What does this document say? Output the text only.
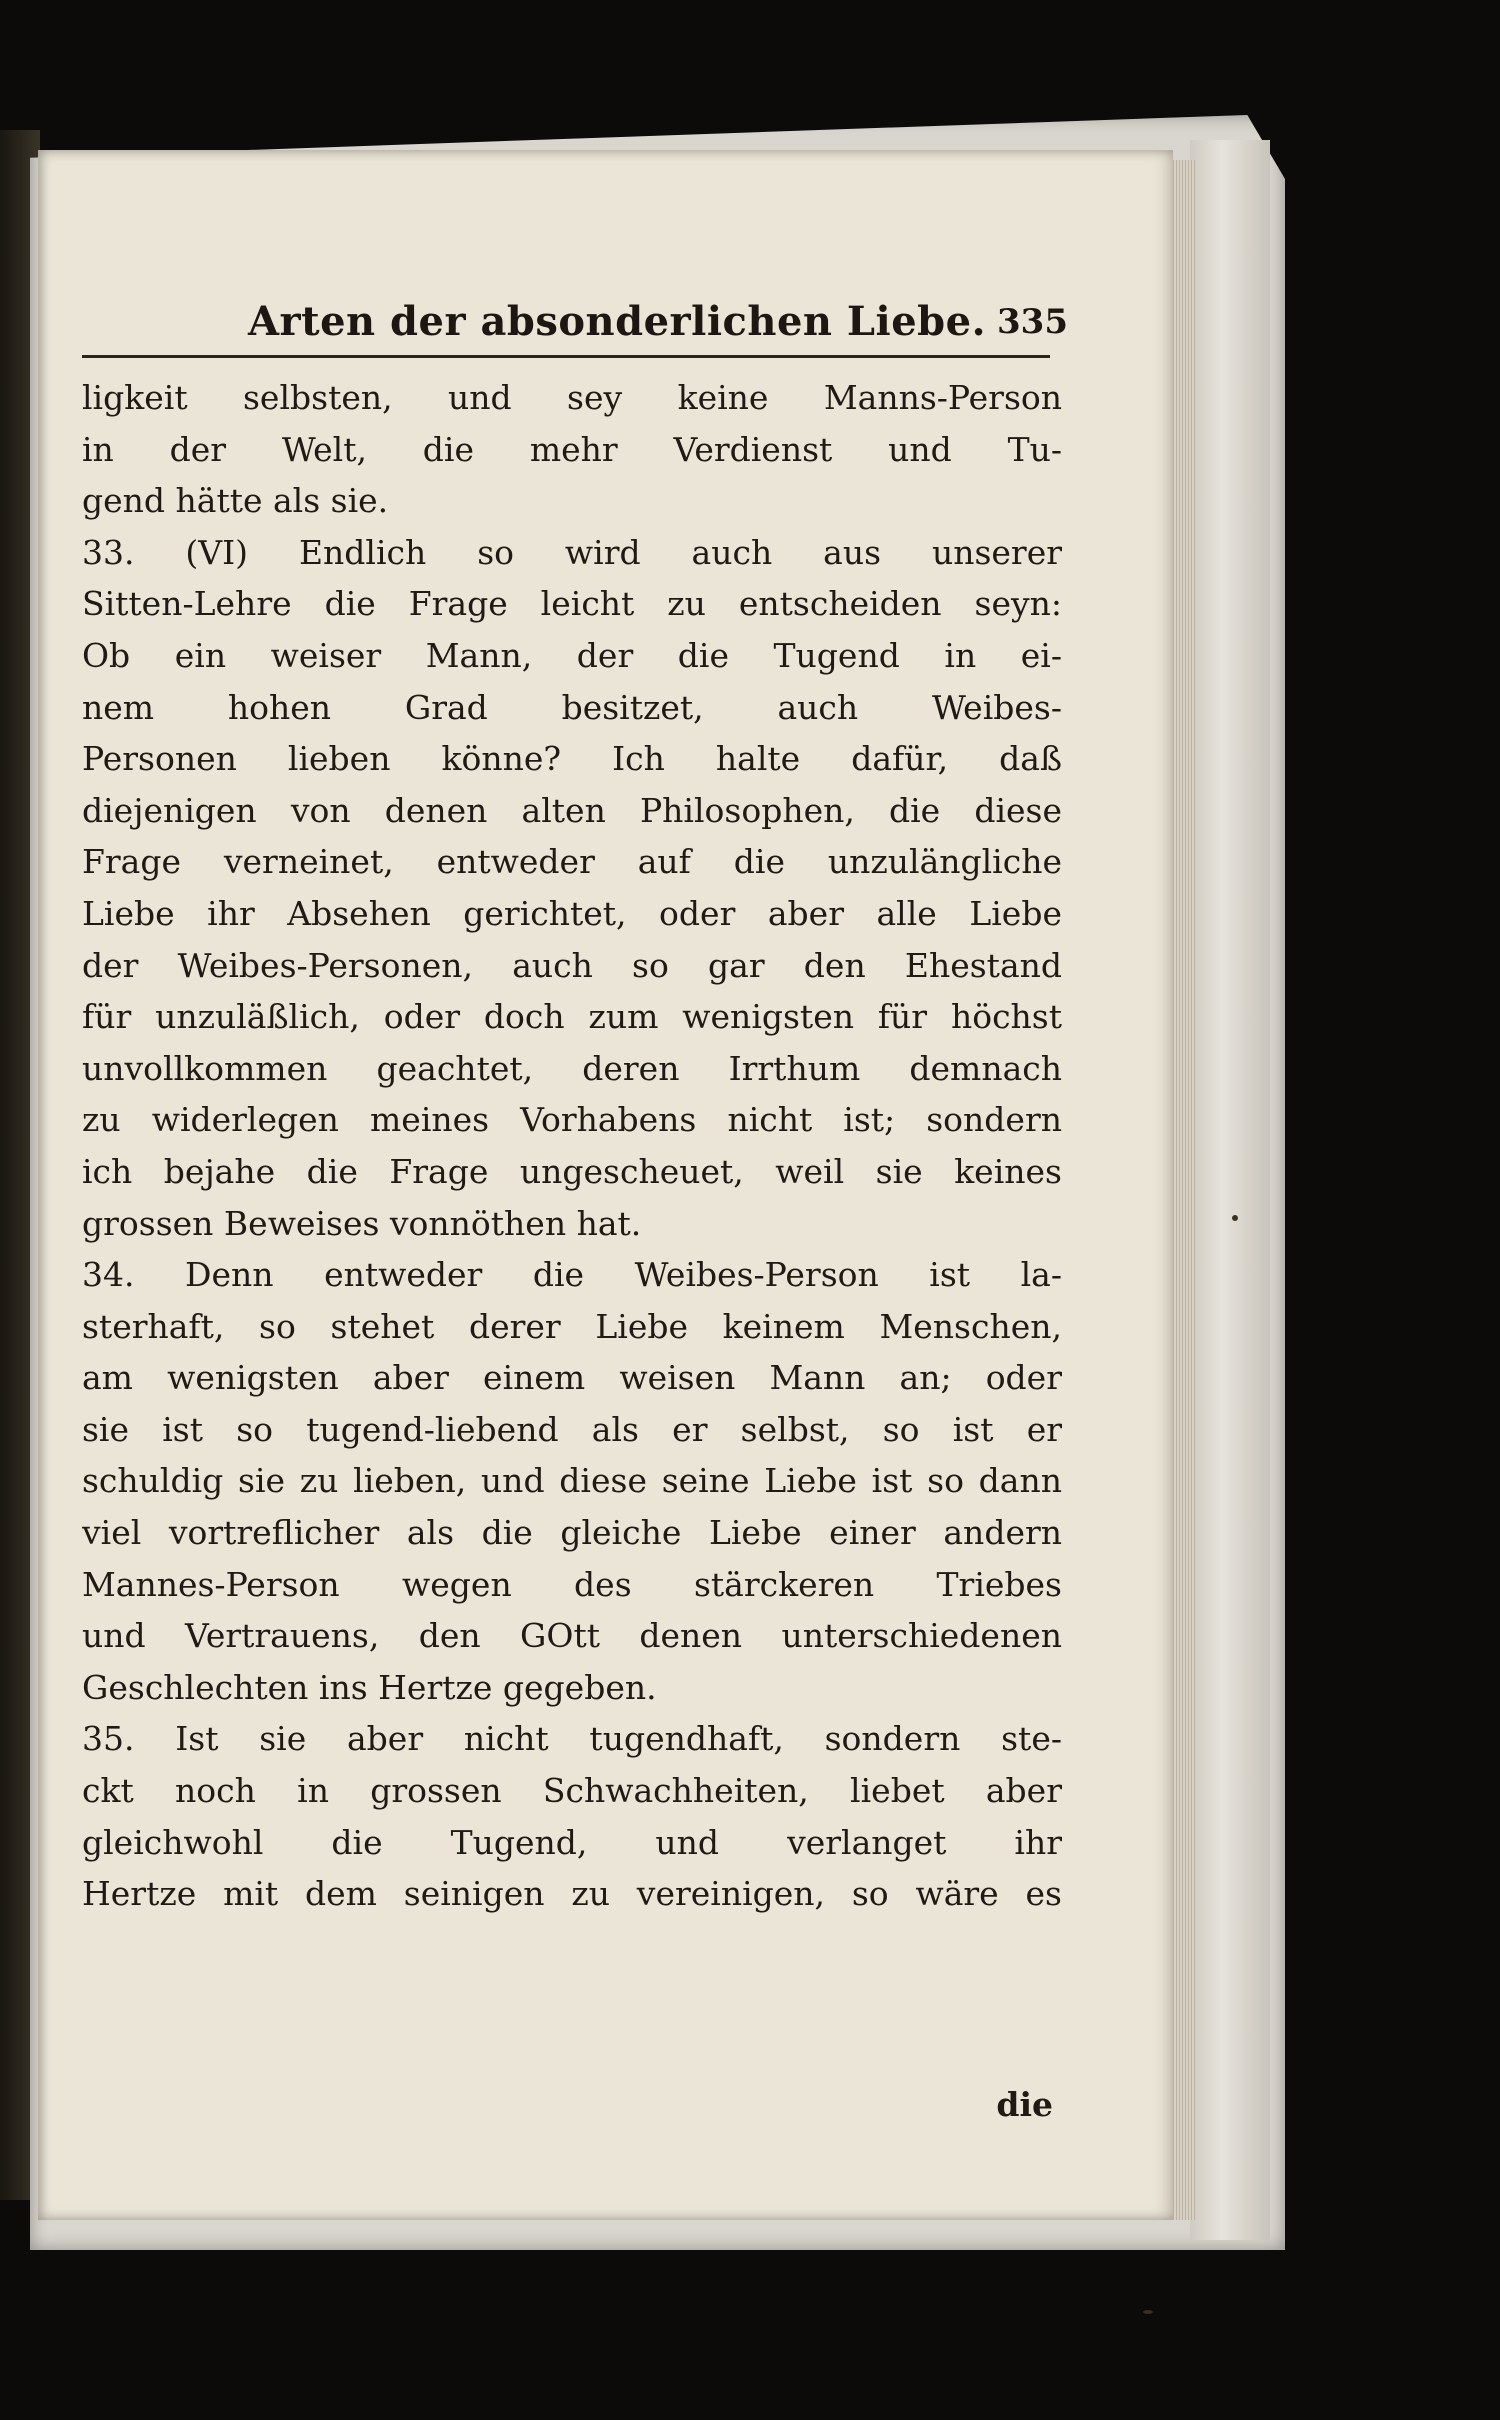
Arten der absonderlichen Liebe. 335
ligkeit selbsten, und sey keine Manns-Person
in der Welt, die mehr Verdienst und Tu-
gend hätte als sie.
33. (VI) Endlich so wird auch aus unserer
Sitten-Lehre die Frage leicht zu entscheiden seyn:
Ob ein weiser Mann, der die Tugend in ei-
nem hohen Grad besitzet, auch Weibes-
Personen lieben könne? Ich halte dafür, daß
diejenigen von denen alten Philosophen, die diese
Frage verneinet, entweder auf die unzulängliche
Liebe ihr Absehen gerichtet, oder aber alle Liebe
der Weibes-Personen, auch so gar den Ehestand
für unzuläßlich, oder doch zum wenigsten für höchst
unvollkommen geachtet, deren Irrthum demnach
zu widerlegen meines Vorhabens nicht ist; sondern
ich bejahe die Frage ungescheuet, weil sie keines
grossen Beweises vonnöthen hat.
34. Denn entweder die Weibes-Person ist la-
sterhaft, so stehet derer Liebe keinem Menschen,
am wenigsten aber einem weisen Mann an; oder
sie ist so tugend-liebend als er selbst, so ist er
schuldig sie zu lieben, und diese seine Liebe ist so dann
viel vortreflicher als die gleiche Liebe einer andern
Mannes-Person wegen des stärckeren Triebes
und Vertrauens, den GOtt denen unterschiedenen
Geschlechten ins Hertze gegeben.
35. Ist sie aber nicht tugendhaft, sondern ste-
ckt noch in grossen Schwachheiten, liebet aber
gleichwohl die Tugend, und verlanget ihr
Hertze mit dem seinigen zu vereinigen, so wäre es
die
